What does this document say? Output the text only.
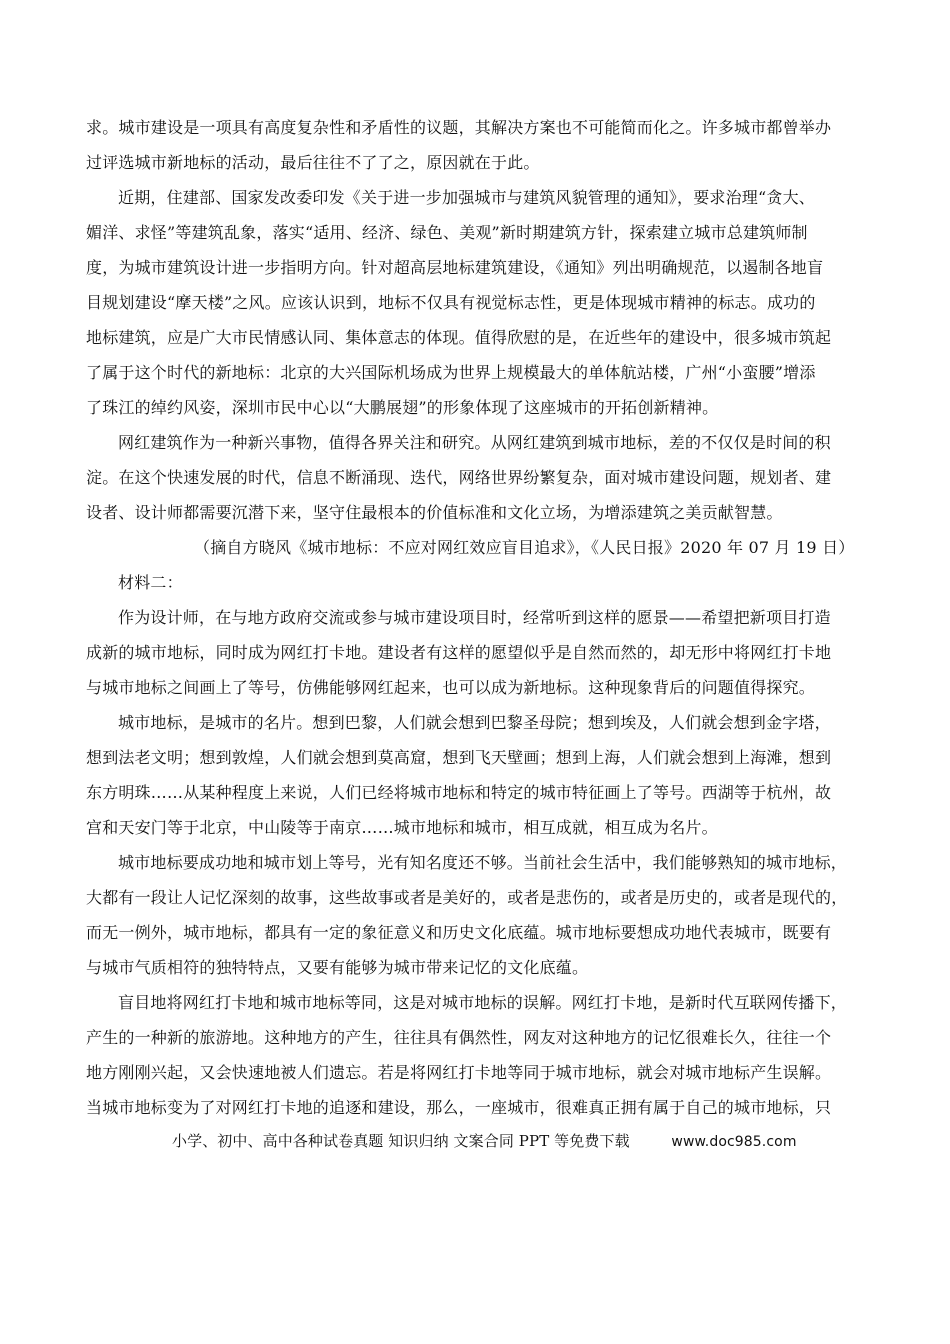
求。城市建设是一项具有高度复杂性和矛盾性的议题，其解决方案也不可能简而化之。许多城市都曾举办
过评选城市新地标的活动，最后往往不了了之，原因就在于此。
近期，住建部、国家发改委印发《关于进一步加强城市与建筑风貌管理的通知》，要求治理“贪大、
媚洋、求怪”等建筑乱象，落实“适用、经济、绿色、美观”新时期建筑方针，探索建立城市总建筑师制
度，为城市建筑设计进一步指明方向。针对超高层地标建筑建设，《通知》列出明确规范，以遏制各地盲
目规划建设“摩天楼”之风。应该认识到，地标不仅具有视觉标志性，更是体现城市精神的标志。成功的
地标建筑，应是广大市民情感认同、集体意志的体现。值得欣慰的是，在近些年的建设中，很多城市筑起
了属于这个时代的新地标：北京的大兴国际机场成为世界上规模最大的单体航站楼，广州“小蛮腰”增添
了珠江的绰约风姿，深圳市民中心以“大鹏展翅”的形象体现了这座城市的开拓创新精神。
网红建筑作为一种新兴事物，值得各界关注和研究。从网红建筑到城市地标，差的不仅仅是时间的积
淀。在这个快速发展的时代，信息不断涌现、迭代，网络世界纷繁复杂，面对城市建设问题，规划者、建
设者、设计师都需要沉潜下来，坚守住最根本的价值标准和文化立场，为增添建筑之美贡献智慧。
（摘自方晓风《城市地标：不应对网红效应盲目追求》，《人民日报》2020 年 07 月 19 日）
材料二：
作为设计师，在与地方政府交流或参与城市建设项目时，经常听到这样的愿景——希望把新项目打造
成新的城市地标，同时成为网红打卡地。建设者有这样的愿望似乎是自然而然的，却无形中将网红打卡地
与城市地标之间画上了等号，仿佛能够网红起来，也可以成为新地标。这种现象背后的问题值得探究。
城市地标，是城市的名片。想到巴黎，人们就会想到巴黎圣母院；想到埃及，人们就会想到金字塔，
想到法老文明；想到敦煌，人们就会想到莫高窟，想到飞天壁画；想到上海，人们就会想到上海滩，想到
东方明珠……从某种程度上来说，人们已经将城市地标和特定的城市特征画上了等号。西湖等于杭州，故
宫和天安门等于北京，中山陵等于南京……城市地标和城市，相互成就，相互成为名片。
城市地标要成功地和城市划上等号，光有知名度还不够。当前社会生活中，我们能够熟知的城市地标，
大都有一段让人记忆深刻的故事，这些故事或者是美好的，或者是悲伤的，或者是历史的，或者是现代的，
而无一例外，城市地标，都具有一定的象征意义和历史文化底蕴。城市地标要想成功地代表城市，既要有
与城市气质相符的独特特点，又要有能够为城市带来记忆的文化底蕴。
盲目地将网红打卡地和城市地标等同，这是对城市地标的误解。网红打卡地，是新时代互联网传播下，
产生的一种新的旅游地。这种地方的产生，往往具有偶然性，网友对这种地方的记忆很难长久，往往一个
地方刚刚兴起，又会快速地被人们遗忘。若是将网红打卡地等同于城市地标，就会对城市地标产生误解。
当城市地标变为了对网红打卡地的追逐和建设，那么，一座城市，很难真正拥有属于自己的城市地标，只
小学、初中、高中各种试卷真题 知识归纳 文案合同 PPT 等免费下载	www.doc985.com
